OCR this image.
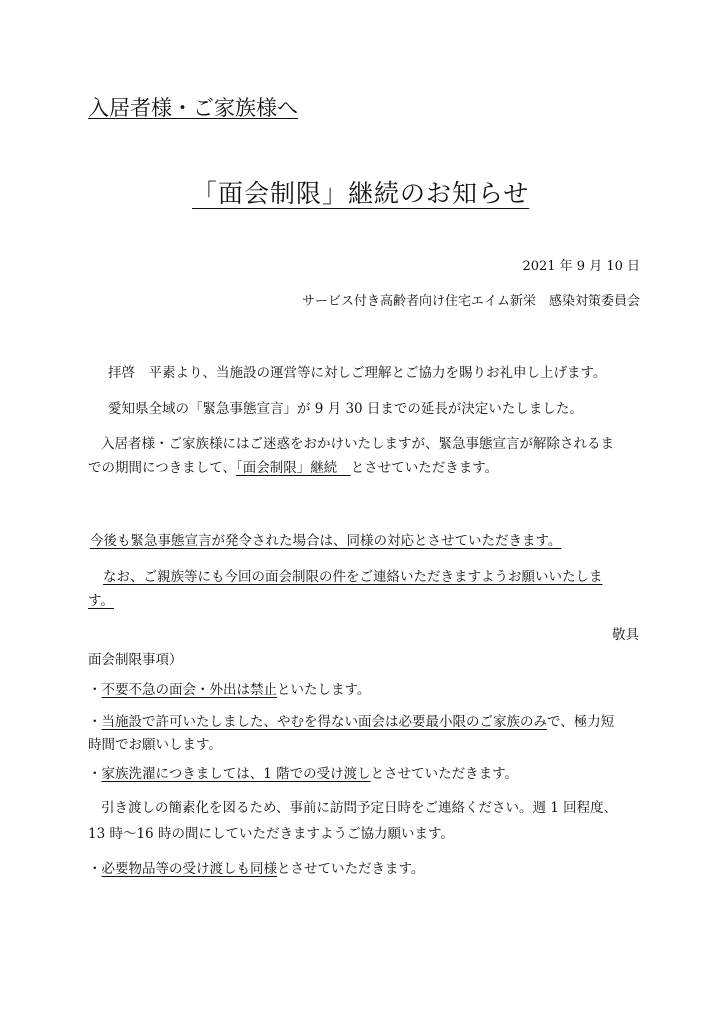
入居者様・ご家族様へ
「面会制限」継続のお知らせ
2021 年 9 月 10 日
サービス付き高齢者向け住宅エイム新栄　感染対策委員会
拝啓　平素より、当施設の運営等に対しご理解とご協力を賜りお礼申し上げます。
愛知県全域の「緊急事態宣言」が 9 月 30 日までの延長が決定いたしました。
入居者様・ご家族様にはご迷惑をおかけいたしますが、緊急事態宣言が解除されるま
での期間につきまして、「面会制限」継続　とさせていただきます。
今後も緊急事態宣言が発令された場合は、同様の対応とさせていただきます。
なお、ご親族等にも今回の面会制限の件をご連絡いただきますようお願いいたしま
す。
敬具
面会制限事項）
・不要不急の面会・外出は禁止といたします。
・当施設で許可いたしました、やむを得ない面会は必要最小限のご家族のみで、極力短
時間でお願いします。
・家族洗濯につきましては、1 階での受け渡しとさせていただきます。
引き渡しの簡素化を図るため、事前に訪問予定日時をご連絡ください。週 1 回程度、
13 時～16 時の間にしていただきますようご協力願います。
・必要物品等の受け渡しも同様とさせていただきます。
